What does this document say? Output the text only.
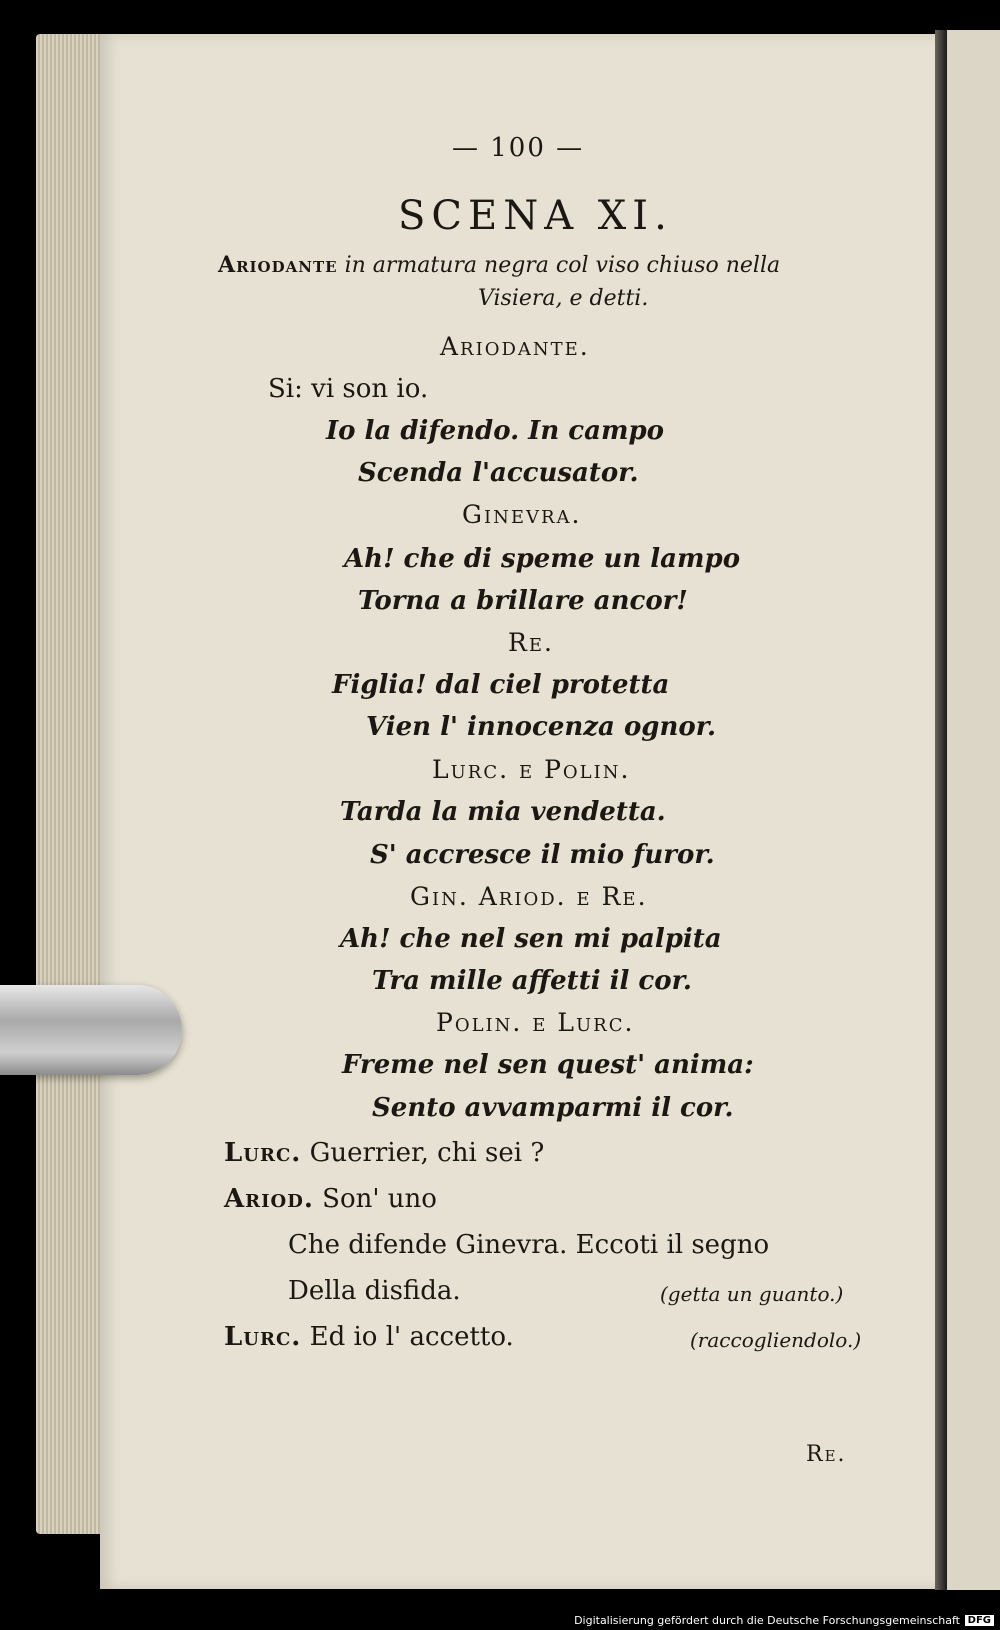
— 100 —
SCENA XI.
Ariodante in armatura negra col viso chiuso nella
Visiera, e detti.
Ariodante.
Si: vi son io.
Io la difendo. In campo
Scenda l'accusator.
Ginevra.
Ah! che di speme un lampo
Torna a brillare ancor!
Re.
Figlia! dal ciel protetta
Vien l' innocenza ognor.
Lurc. e Polin.
Tarda la mia vendetta.
S' accresce il mio furor.
Gin. Ariod. e Re.
Ah! che nel sen mi palpita
Tra mille affetti il cor.
Polin. e Lurc.
Freme nel sen quest' anima:
Sento avvamparmi il cor.
Lurc. Guerrier, chi sei ?
Ariod. Son' uno
Che difende Ginevra. Eccoti il segno
Della disfida.	(getta un guanto.)
Lurc. Ed io l' accetto.	(raccogliendolo.)
Re.
Digitalisierung gefördert durch die Deutsche Forschungsgemeinschaft DFG
